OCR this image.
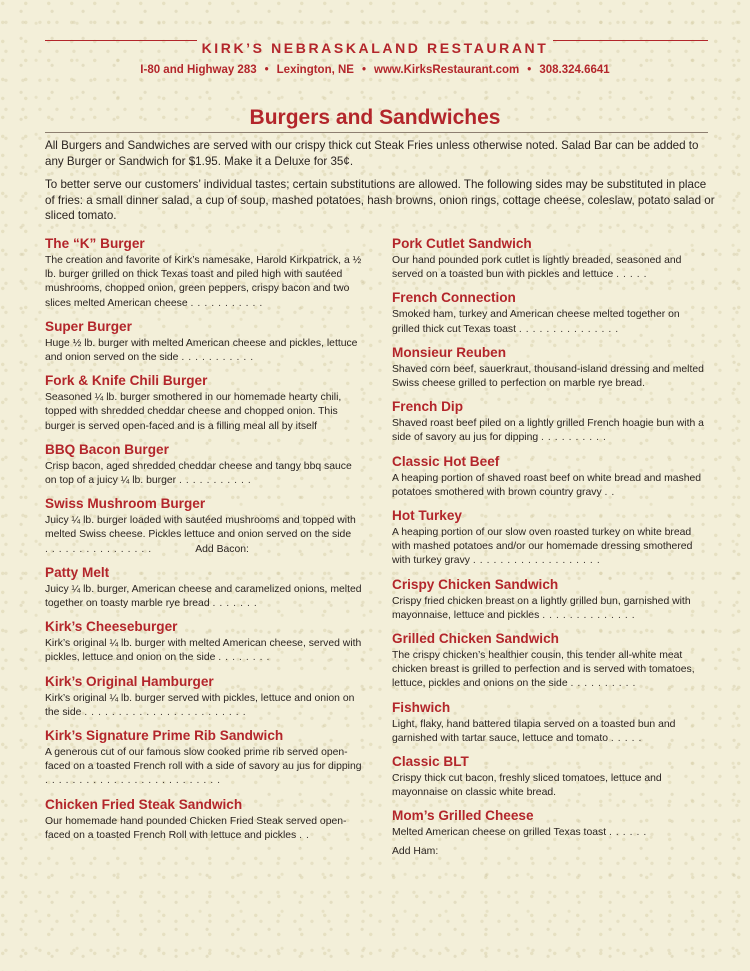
KIRK’S NEBRASKALAND RESTAURANT
I-80 and Highway 283 • Lexington, NE • www.KirksRestaurant.com • 308.324.6641
Burgers and Sandwiches
All Burgers and Sandwiches are served with our crispy thick cut Steak Fries unless otherwise noted. Salad Bar can be added to any Burger or Sandwich for $1.95. Make it a Deluxe for 35¢.
To better serve our customers’ individual tastes; certain substitutions are allowed. The following sides may be substituted in place of fries: a small dinner salad, a cup of soup, mashed potatoes, hash browns, onion rings, cottage cheese, coleslaw, potato salad or sliced tomato.
The “K” Burger
The creation and favorite of Kirk’s namesake, Harold Kirkpatrick, a ½ lb. burger grilled on thick Texas toast and piled high with sautéed mushrooms, chopped onion, green peppers, crispy bacon and two slices melted American cheese ...........
Super Burger
Huge ½ lb. burger with melted American cheese and pickles, lettuce and onion served on the side ...........
Fork & Knife Chili Burger
Seasoned ¼ lb. burger smothered in our homemade hearty chili, topped with shredded cheddar cheese and chopped onion. This burger is served open-faced and is a filling meal all by itself
BBQ Bacon Burger
Crisp bacon, aged shredded cheddar cheese and tangy bbq sauce on top of a juicy ¼ lb. burger ...........
Swiss Mushroom Burger
Juicy ¼ lb. burger loaded with sautéed mushrooms and topped with melted Swiss cheese. Pickles lettuce and onion served on the side ................	Add Bacon:
Patty Melt
Juicy ¼ lb. burger, American cheese and caramelized onions, melted together on toasty marble rye bread .......
Kirk’s Cheeseburger
Kirk’s original ¼ lb. burger with melted American cheese, served with pickles, lettuce and onion on the side ........
Kirk’s Original Hamburger
Kirk’s original ¼ lb. burger served with pickles, lettuce and onion on the side ........................
Kirk’s Signature Prime Rib Sandwich
A generous cut of our famous slow cooked prime rib served open-faced on a toasted French roll with a side of savory au jus for dipping ..........................
Chicken Fried Steak Sandwich
Our homemade hand pounded Chicken Fried Steak served open-faced on a toasted French Roll with lettuce and pickles ..
Pork Cutlet Sandwich
Our hand pounded pork cutlet is lightly breaded, seasoned and served on a toasted bun with pickles and lettuce .....
French Connection
Smoked ham, turkey and American cheese melted together on grilled thick cut Texas toast ...............
Monsieur Reuben
Shaved corn beef, sauerkraut, thousand-island dressing and melted Swiss cheese grilled to perfection on marble rye bread.
French Dip
Shaved roast beef piled on a lightly grilled French hoagie bun with a side of savory au jus for dipping ..........
Classic Hot Beef
A heaping portion of shaved roast beef on white bread and mashed potatoes smothered with brown country gravy ..
Hot Turkey
A heaping portion of our slow oven roasted turkey on white bread with mashed potatoes and/or our homemade dressing smothered with turkey gravy ...................
Crispy Chicken Sandwich
Crispy fried chicken breast on a lightly grilled bun, garnished with mayonnaise, lettuce and pickles ..............
Grilled Chicken Sandwich
The crispy chicken’s healthier cousin, this tender all-white meat chicken breast is grilled to perfection and is served with tomatoes, lettuce, pickles and onions on the side ..........
Fishwich
Light, flaky, hand battered tilapia served on a toasted bun and garnished with tartar sauce, lettuce and tomato .....
Classic BLT
Crispy thick cut bacon, freshly sliced tomatoes, lettuce and mayonnaise on classic white bread.
Mom’s Grilled Cheese
Melted American cheese on grilled Texas toast ......
Add Ham:
